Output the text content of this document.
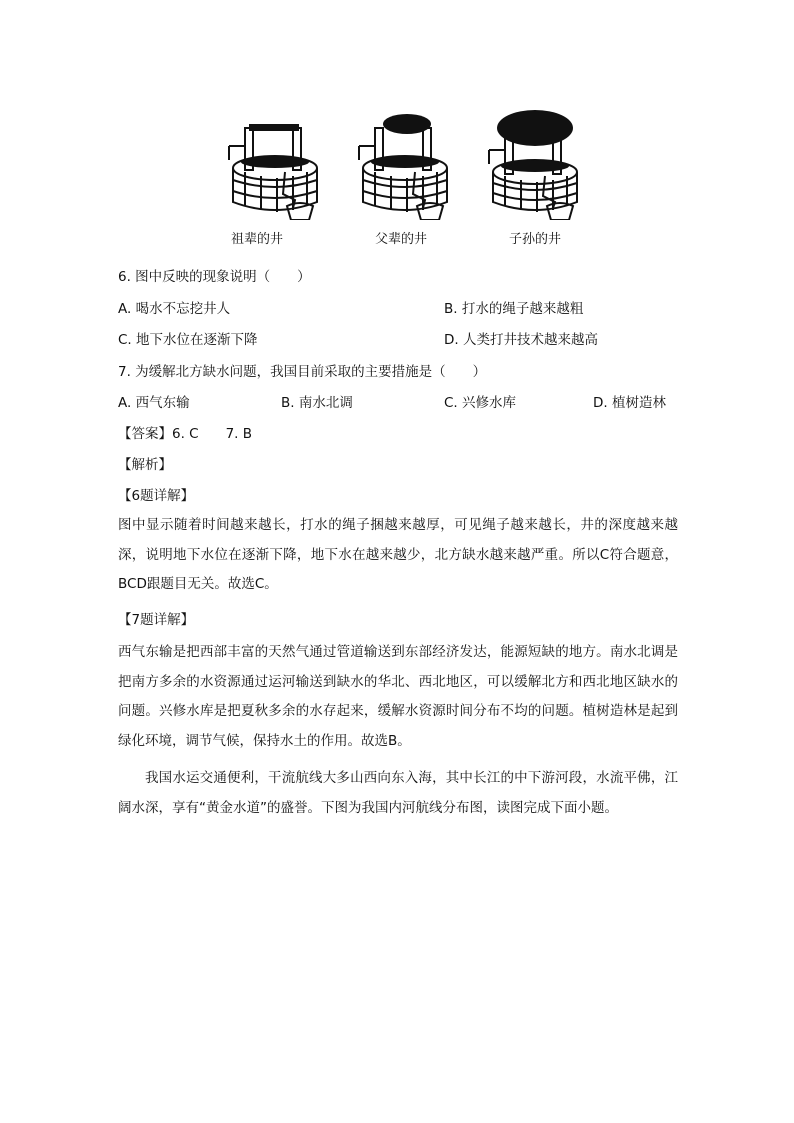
祖辈的井	父辈的井	子孙的井
6. 图中反映的现象说明（　　）
A. 喝水不忘挖井人	B. 打水的绳子越来越粗
C. 地下水位在逐渐下降	D. 人类打井技术越来越高
7. 为缓解北方缺水问题，我国目前采取的主要措施是（　　）
A. 西气东输	B. 南水北调	C. 兴修水库	D. 植树造林
【答案】6. C　　7. B
【解析】
【6题详解】

图中显示随着时间越来越长，打水的绳子捆越来越厚，可见绳子越来越长，井的深度越来越深，说明地下水位在逐渐下降，地下水在越来越少，北方缺水越来越严重。所以C符合题意，BCD跟题目无关。故选C。

【7题详解】

西气东输是把西部丰富的天然气通过管道输送到东部经济发达，能源短缺的地方。南水北调是把南方多余的水资源通过运河输送到缺水的华北、西北地区，可以缓解北方和西北地区缺水的问题。兴修水库是把夏秋多余的水存起来，缓解水资源时间分布不均的问题。植树造林是起到绿化环境，调节气候，保持水土的作用。故选B。

我国水运交通便利，干流航线大多山西向东入海，其中长江的中下游河段，水流平佛，江阔水深，享有“黄金水道”的盛誉。下图为我国内河航线分布图，读图完成下面小题。
